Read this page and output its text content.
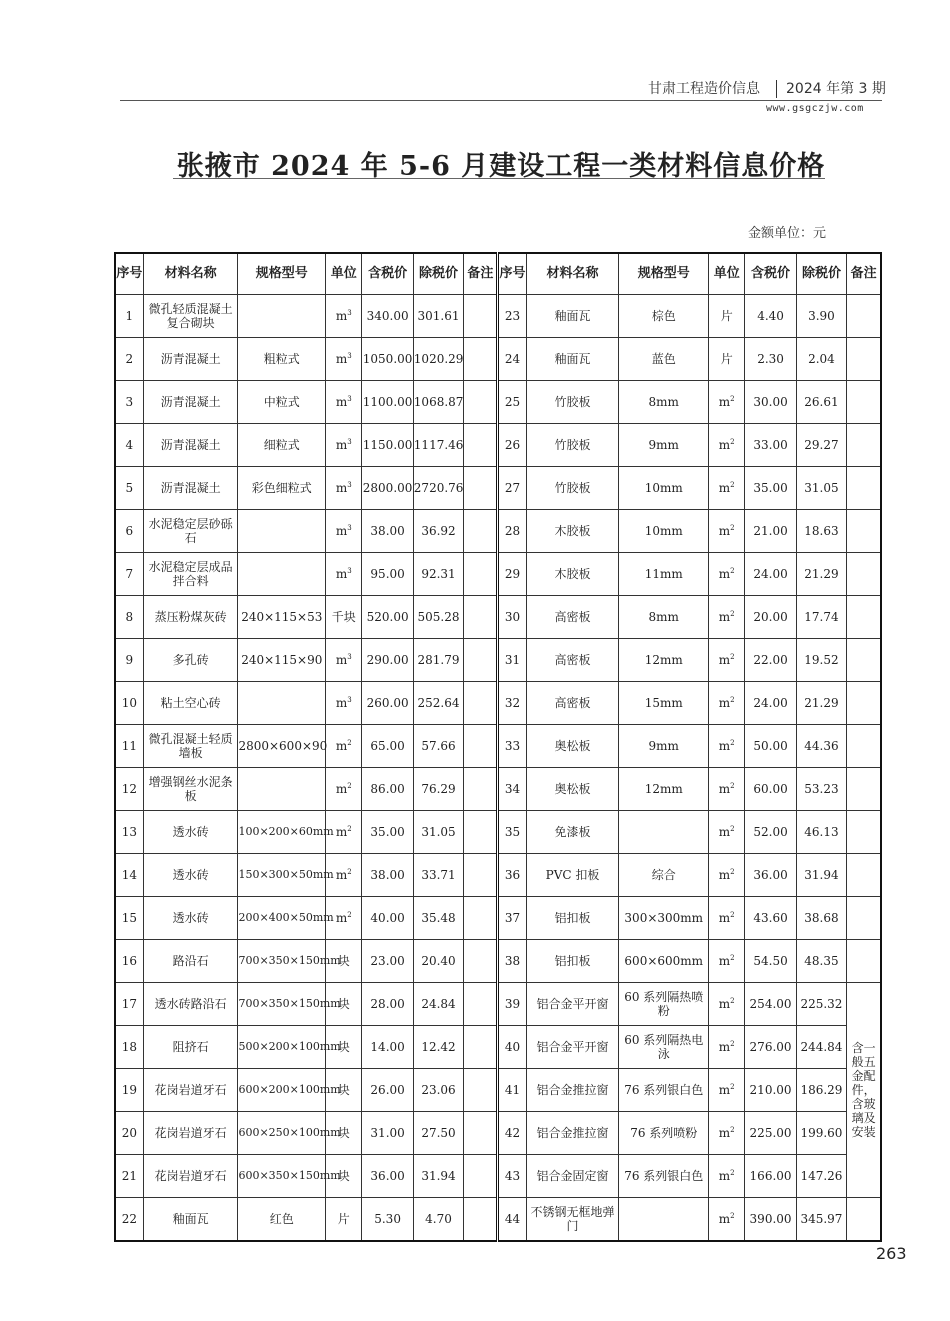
甘肃工程造价信息 2024 年第 3 期
www.gsgczjw.com
张掖市 2024 年 5-6 月建设工程一类材料信息价格
金额单位：元
序号	材料名称	规格型号	单位	含税价	除税价	备注	序号	材料名称	规格型号	单位	含税价	除税价	备注
1	微孔轻质混凝土复合砌块		$m^3$	340.00	301.61		23	釉面瓦	棕色	片	4.40	3.90	
2	沥青混凝土	粗粒式	$m^3$	1050.00	1020.29		24	釉面瓦	蓝色	片	2.30	2.04	
3	沥青混凝土	中粒式	$m^3$	1100.00	1068.87		25	竹胶板	8mm	$m^2$	30.00	26.61	
4	沥青混凝土	细粒式	$m^3$	1150.00	1117.46		26	竹胶板	9mm	$m^2$	33.00	29.27	
5	沥青混凝土	彩色细粒式	$m^3$	2800.00	2720.76		27	竹胶板	10mm	$m^2$	35.00	31.05	
6	水泥稳定层砂砾石		$m^3$	38.00	36.92		28	木胶板	10mm	$m^2$	21.00	18.63	
7	水泥稳定层成品拌合料		$m^3$	95.00	92.31		29	木胶板	11mm	$m^2$	24.00	21.29	
8	蒸压粉煤灰砖	240×115×53	千块	520.00	505.28		30	高密板	8mm	$m^2$	20.00	17.74	
9	多孔砖	240×115×90	$m^3$	290.00	281.79		31	高密板	12mm	$m^2$	22.00	19.52	
10	粘土空心砖		$m^3$	260.00	252.64		32	高密板	15mm	$m^2$	24.00	21.29	
11	微孔混凝土轻质墙板	2800×600×90	$m^2$	65.00	57.66		33	奥松板	9mm	$m^2$	50.00	44.36	
12	增强钢丝水泥条板		$m^2$	86.00	76.29		34	奥松板	12mm	$m^2$	60.00	53.23	
13	透水砖	100×200×60mm	$m^2$	35.00	31.05		35	免漆板		$m^2$	52.00	46.13	
14	透水砖	150×300×50mm	$m^2$	38.00	33.71		36	PVC 扣板	综合	$m^2$	36.00	31.94	
15	透水砖	200×400×50mm	$m^2$	40.00	35.48		37	铝扣板	300×300mm	$m^2$	43.60	38.68	
16	路沿石	700×350×150mm	块	23.00	20.40		38	铝扣板	600×600mm	$m^2$	54.50	48.35	
17	透水砖路沿石	700×350×150mm	块	28.00	24.84		39	铝合金平开窗	60 系列隔热喷粉	$m^2$	254.00	225.32	含一般五金配件，含玻璃及安装
18	阻挤石	500×200×100mm	块	14.00	12.42		40	铝合金平开窗	60 系列隔热电泳	$m^2$	276.00	244.84	
19	花岗岩道牙石	600×200×100mm	块	26.00	23.06		41	铝合金推拉窗	76 系列银白色	$m^2$	210.00	186.29	
20	花岗岩道牙石	600×250×100mm	块	31.00	27.50		42	铝合金推拉窗	76 系列喷粉	$m^2$	225.00	199.60	
21	花岗岩道牙石	600×350×150mm	块	36.00	31.94		43	铝合金固定窗	76 系列银白色	$m^2$	166.00	147.26	
22	釉面瓦	红色	片	5.30	4.70		44	不锈钢无框地弹门		$m^2$	390.00	345.97	
263
